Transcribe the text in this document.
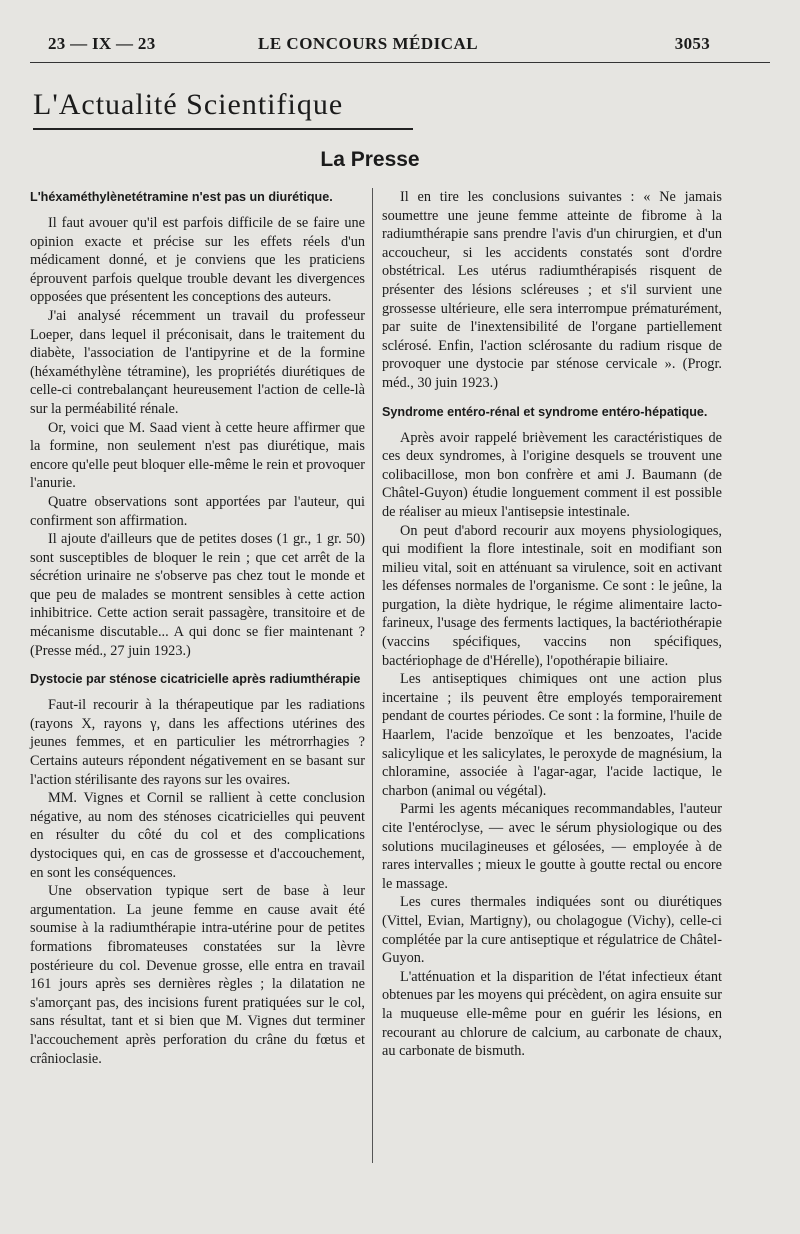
23 — IX — 23	LE CONCOURS MÉDICAL	3053
L'Actualité Scientifique
La Presse
L'héxaméthylènetétramine n'est pas un diurétique.

Il faut avouer qu'il est parfois difficile de se faire une opinion exacte et précise sur les effets réels d'un médicament donné, et je conviens que les praticiens éprouvent parfois quelque trouble devant les divergences opposées que présentent les conceptions des auteurs.

J'ai analysé récemment un travail du professeur Loeper, dans lequel il préconisait, dans le traitement du diabète, l'association de l'antipyrine et de la formine (héxaméthylène tétramine), les propriétés diurétiques de celle-ci contrebalançant heureusement l'action de celle-là sur la perméabilité rénale.

Or, voici que M. Saad vient à cette heure affirmer que la formine, non seulement n'est pas diurétique, mais encore qu'elle peut bloquer elle-même le rein et provoquer l'anurie.

Quatre observations sont apportées par l'auteur, qui confirment son affirmation.

Il ajoute d'ailleurs que de petites doses (1 gr., 1 gr. 50) sont susceptibles de bloquer le rein ; que cet arrêt de la sécrétion urinaire ne s'observe pas chez tout le monde et que peu de malades se montrent sensibles à cette action inhibitrice. Cette action serait passagère, transitoire et de mécanisme discutable... A qui donc se fier maintenant ? (Presse méd., 27 juin 1923.)

Dystocie par sténose cicatricielle après radiumthérapie

Faut-il recourir à la thérapeutique par les radiations (rayons X, rayons γ, dans les affections utérines des jeunes femmes, et en particulier les métrorrhagies ? Certains auteurs répondent négativement en se basant sur l'action stérilisante des rayons sur les ovaires.

MM. Vignes et Cornil se rallient à cette conclusion négative, au nom des sténoses cicatricielles qui peuvent en résulter du côté du col et des complications dystociques qui, en cas de grossesse et d'accouchement, en sont les conséquences.

Une observation typique sert de base à leur argumentation. La jeune femme en cause avait été soumise à la radiumthérapie intra-utérine pour de petites formations fibromateuses constatées sur la lèvre postérieure du col. Devenue grosse, elle entra en travail 161 jours après ses dernières règles ; la dilatation ne s'amorçant pas, des incisions furent pratiquées sur le col, sans résultat, tant et si bien que M. Vignes dut terminer l'accouchement après perforation du crâne du fœtus et crânioclasie.

Il en tire les conclusions suivantes : « Ne jamais soumettre une jeune femme atteinte de fibrome à la radiumthérapie sans prendre l'avis d'un chirurgien, et d'un accoucheur, si les accidents constatés sont d'ordre obstétrical. Les utérus radiumthérapisés risquent de présenter des lésions scléreuses ; et s'il survient une grossesse ultérieure, elle sera interrompue prématurément, par suite de l'inextensibilité de l'organe partiellement sclérosé. Enfin, l'action sclérosante du radium risque de provoquer une dystocie par sténose cervicale ». (Progr. méd., 30 juin 1923.)

Syndrome entéro-rénal et syndrome entéro-hépatique.

Après avoir rappelé brièvement les caractéristiques de ces deux syndromes, à l'origine desquels se trouvent une colibacillose, mon bon confrère et ami J. Baumann (de Châtel-Guyon) étudie longuement comment il est possible de réaliser au mieux l'antisepsie intestinale.

On peut d'abord recourir aux moyens physiologiques, qui modifient la flore intestinale, soit en modifiant son milieu vital, soit en atténuant sa virulence, soit en activant les défenses normales de l'organisme. Ce sont : le jeûne, la purgation, la diète hydrique, le régime alimentaire lacto-farineux, l'usage des ferments lactiques, la bactériothérapie (vaccins spécifiques, vaccins non spécifiques, bactériophage de d'Hérelle), l'opothérapie biliaire.

Les antiseptiques chimiques ont une action plus incertaine ; ils peuvent être employés temporairement pendant de courtes périodes. Ce sont : la formine, l'huile de Haarlem, l'acide benzoïque et les benzoates, l'acide salicylique et les salicylates, le peroxyde de magnésium, la chloramine, associée à l'agar-agar, l'acide lactique, le charbon (animal ou végétal).

Parmi les agents mécaniques recommandables, l'auteur cite l'entéroclyse, — avec le sérum physiologique ou des solutions mucilagineuses et gélosées, — employée à de rares intervalles ; mieux le goutte à goutte rectal ou encore le massage.

Les cures thermales indiquées sont ou diurétiques (Vittel, Evian, Martigny), ou cholagogue (Vichy), celle-ci complétée par la cure antiseptique et régulatrice de Châtel-Guyon.

L'atténuation et la disparition de l'état infectieux étant obtenues par les moyens qui précèdent, on agira ensuite sur la muqueuse elle-même pour en guérir les lésions, en recourant au chlorure de calcium, au carbonate de chaux, au carbonate de bismuth.
